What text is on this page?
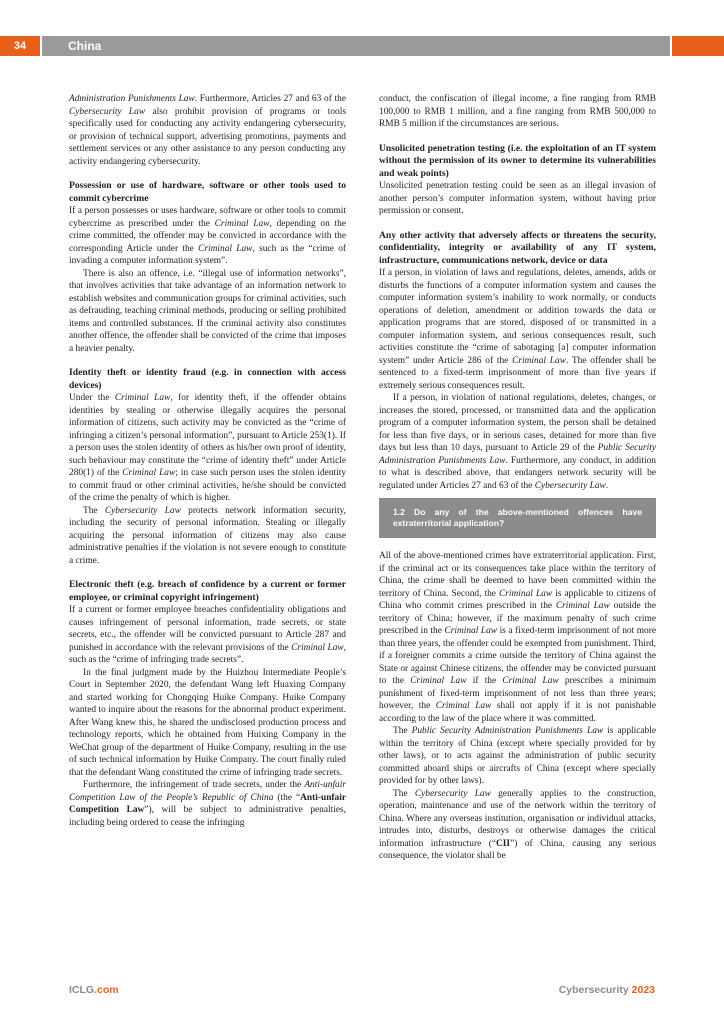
34	China

Administration Punishments Law. Furthermore, Articles 27 and 63 of the Cybersecurity Law also prohibit provision of programs or tools specifically used for conducting any activity endangering cybersecurity, or provision of technical support, advertising promotions, payments and settlement services or any other assistance to any person conducting any activity endangering cybersecurity.

Possession or use of hardware, software or other tools used to commit cybercrime

If a person possesses or uses hardware, software or other tools to commit cybercrime as prescribed under the Criminal Law, depending on the crime committed, the offender may be convicted in accordance with the corresponding Article under the Criminal Law, such as the “crime of invading a computer information system”.

There is also an offence, i.e. “illegal use of information networks”, that involves activities that take advantage of an information network to establish websites and communication groups for criminal activities, such as defrauding, teaching criminal methods, producing or selling prohibited items and controlled substances. If the criminal activity also constitutes another offence, the offender shall be convicted of the crime that imposes a heavier penalty.

Identity theft or identity fraud (e.g. in connection with access devices)

Under the Criminal Law, for identity theft, if the offender obtains identities by stealing or otherwise illegally acquires the personal information of citizens, such activity may be convicted as the “crime of infringing a citizen’s personal information”, pursuant to Article 253(1). If a person uses the stolen identity of others as his/her own proof of identity, such behaviour may constitute the “crime of identity theft” under Article 280(1) of the Criminal Law; in case such person uses the stolen identity to commit fraud or other criminal activities, he/she should be convicted of the crime the penalty of which is higher.

The Cybersecurity Law protects network information security, including the security of personal information. Stealing or illegally acquiring the personal information of citizens may also cause administrative penalties if the violation is not severe enough to constitute a crime.

Electronic theft (e.g. breach of confidence by a current or former employee, or criminal copyright infringement)

If a current or former employee breaches confidentiality obligations and causes infringement of personal information, trade secrets, or state secrets, etc., the offender will be convicted pursuant to Article 287 and punished in accordance with the relevant provisions of the Criminal Law, such as the “crime of infringing trade secrets”.

In the final judgment made by the Huizhou Intermediate People’s Court in September 2020, the defendant Wang left Huaxing Company and started working for Chongqing Huike Company. Huike Company wanted to inquire about the reasons for the abnormal product experiment. After Wang knew this, he shared the undisclosed production process and technology reports, which he obtained from Huixing Company in the WeChat group of the department of Huike Company, resulting in the use of such technical information by Huike Company. The court finally ruled that the defendant Wang constituted the crime of infringing trade secrets.

Furthermore, the infringement of trade secrets, under the Anti-unfair Competition Law of the People’s Republic of China (the “Anti-unfair Competition Law”), will be subject to administrative penalties, including being ordered to cease the infringing

conduct, the confiscation of illegal income, a fine ranging from RMB 100,000 to RMB 1 million, and a fine ranging from RMB 500,000 to RMB 5 million if the circumstances are serious.

Unsolicited penetration testing (i.e. the exploitation of an IT system without the permission of its owner to determine its vulnerabilities and weak points)

Unsolicited penetration testing could be seen as an illegal invasion of another person’s computer information system, without having prior permission or consent.

Any other activity that adversely affects or threatens the security, confidentiality, integrity or availability of any IT system, infrastructure, communications network, device or data

If a person, in violation of laws and regulations, deletes, amends, adds or disturbs the functions of a computer information system and causes the computer information system’s inability to work normally, or conducts operations of deletion, amendment or addition towards the data or application programs that are stored, disposed of or transmitted in a computer information system, and serious consequences result, such activities constitute the “crime of sabotaging [a] computer information system” under Article 286 of the Criminal Law. The offender shall be sentenced to a fixed-term imprisonment of more than five years if extremely serious consequences result.

If a person, in violation of national regulations, deletes, changes, or increases the stored, processed, or transmitted data and the application program of a computer information system, the person shall be detained for less than five days, or in serious cases, detained for more than five days but less than 10 days, pursuant to Article 29 of the Public Security Administration Punishments Law. Furthermore, any conduct, in addition to what is described above, that endangers network security will be regulated under Articles 27 and 63 of the Cybersecurity Law.

1.2 Do any of the above-mentioned offences have extraterritorial application?

All of the above-mentioned crimes have extraterritorial application. First, if the criminal act or its consequences take place within the territory of China, the crime shall be deemed to have been committed within the territory of China. Second, the Criminal Law is applicable to citizens of China who commit crimes prescribed in the Criminal Law outside the territory of China; however, if the maximum penalty of such crime prescribed in the Criminal Law is a fixed-term imprisonment of not more than three years, the offender could be exempted from punishment. Third, if a foreigner commits a crime outside the territory of China against the State or against Chinese citizens, the offender may be convicted pursuant to the Criminal Law if the Criminal Law prescribes a minimum punishment of fixed-term imprisonment of not less than three years; however, the Criminal Law shall not apply if it is not punishable according to the law of the place where it was committed.

The Public Security Administration Punishments Law is applicable within the territory of China (except where specially provided for by other laws), or to acts against the administration of public security committed aboard ships or aircrafts of China (except where specially provided for by other laws).

The Cybersecurity Law generally applies to the construction, operation, maintenance and use of the network within the territory of China. Where any overseas institution, organisation or individual attacks, intrudes into, disturbs, destroys or otherwise damages the critical information infrastructure (“CII”) of China, causing any serious consequence, the violator shall be

ICLG.com	Cybersecurity 2023
